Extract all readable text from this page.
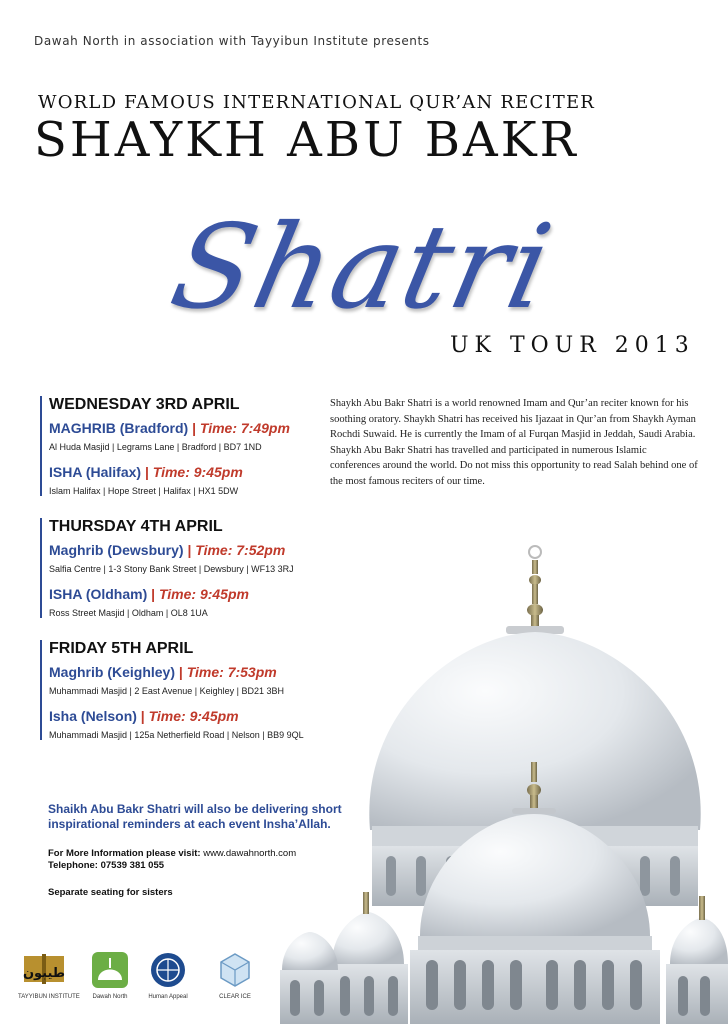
Dawah North in association with Tayyibun Institute presents
WORLD FAMOUS INTERNATIONAL QUR’AN RECITER
SHAYKH ABU BAKR
Shatri
UK TOUR 2013
Shaykh Abu Bakr Shatri is a world renowned Imam and Qur’an reciter known for his soothing oratory. Shaykh Shatri has received his Ijazaat in Qur’an from Shaykh Ayman Rochdi Suwaid. He is currently the Imam of al Furqan Masjid in Jeddah, Saudi Arabia. Shaykh Abu Bakr Shatri has travelled and participated in numerous Islamic conferences around the world. Do not miss this opportunity to read Salah behind one of the most famous reciters of our time.
WEDNESDAY 3RD APRIL
MAGHRIB (Bradford) | Time: 7:49pm
Al Huda Masjid | Legrams Lane | Bradford | BD7 1ND
ISHA (Halifax) | Time: 9:45pm
Islam Halifax | Hope Street | Halifax | HX1 5DW
THURSDAY 4TH APRIL
Maghrib (Dewsbury) | Time: 7:52pm
Salfia Centre | 1-3 Stony Bank Street | Dewsbury | WF13 3RJ
ISHA (Oldham) | Time: 9:45pm
Ross Street Masjid | Oldham | OL8 1UA
FRIDAY 5TH APRIL
Maghrib (Keighley) | Time: 7:53pm
Muhammadi Masjid | 2 East Avenue | Keighley | BD21 3BH
Isha (Nelson) | Time: 9:45pm
Muhammadi Masjid | 125a Netherfield Road | Nelson | BB9 9QL
Shaikh Abu Bakr Shatri will also be delivering short inspirational reminders at each event Insha’Allah.
For More Information please visit: www.dawahnorth.com
Telephone: 07539 381 055
Separate seating for sisters
طيبون
TAYYIBUN INSTITUTE	Dawah North	Human Appeal	CLEAR ICE
